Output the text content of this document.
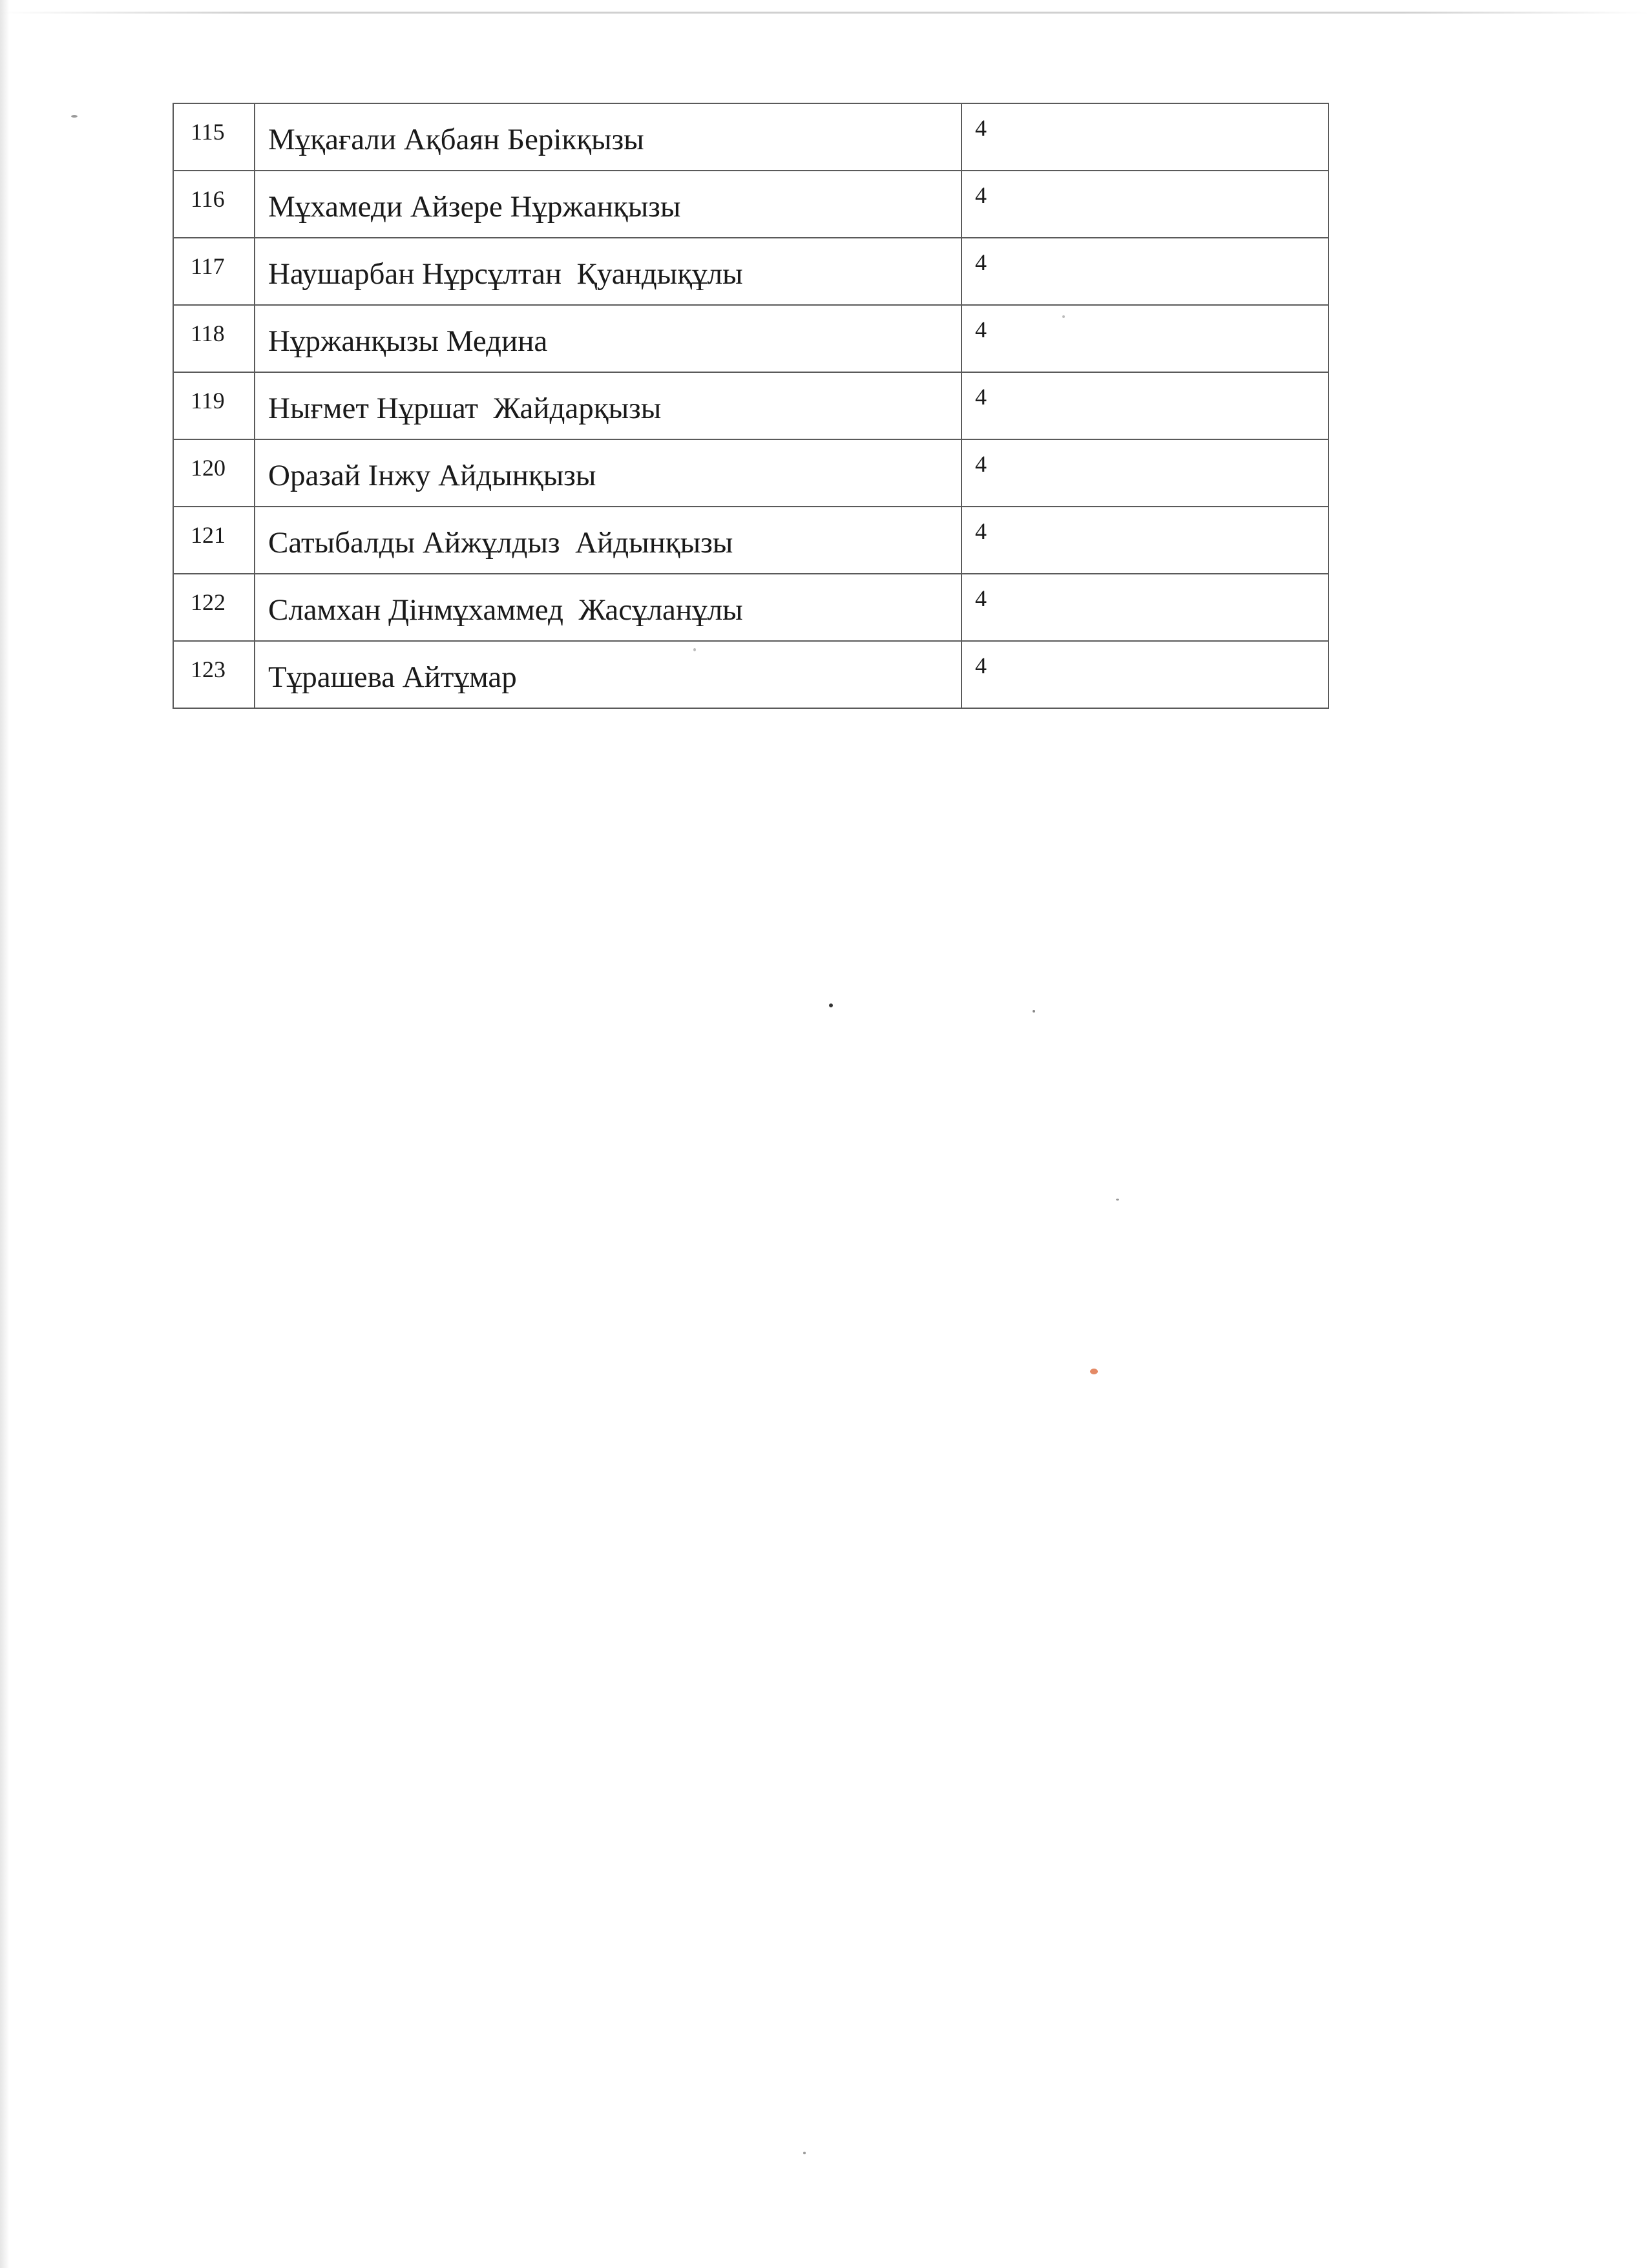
115	Мұқағали Ақбаян Берікқызы	4
116	Мұхамеди Айзере Нұржанқызы	4
117	Наушарбан Нұрсұлтан  Қуандықұлы	4
118	Нұржанқызы Медина	4
119	Нығмет Нұршат  Жайдарқызы	4
120	Оразай Інжу Айдынқызы	4
121	Сатыбалды Айжұлдыз  Айдынқызы	4
122	Сламхан Дінмұхаммед  Жасұланұлы	4
123	Тұрашева Айтұмар	4
